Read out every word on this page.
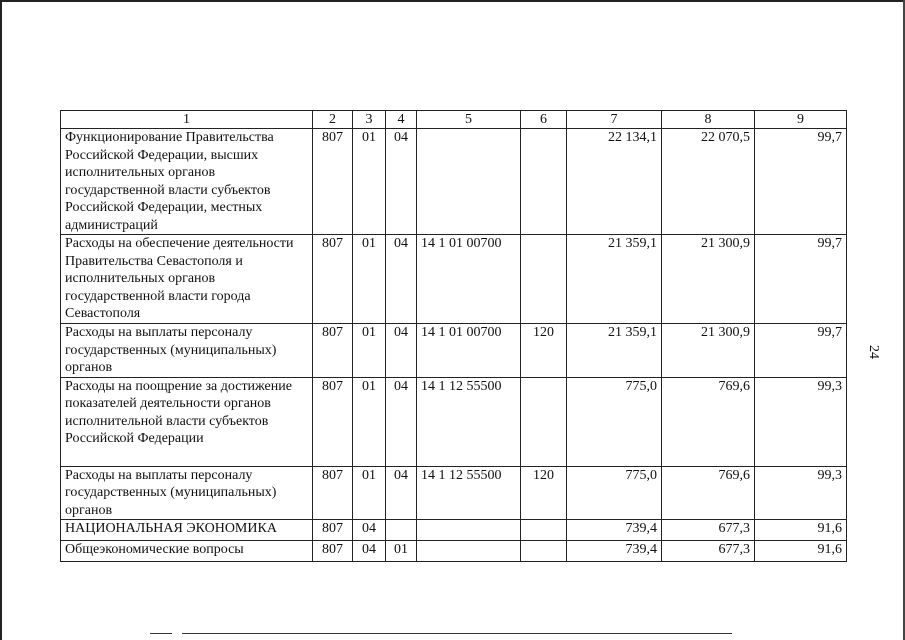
1	2	3	4	5	6	7	8	9
Функционирование Правительства Российской Федерации, высших исполнительных органов государственной власти субъектов Российской Федерации, местных администраций	807	01	04			22 134,1	22 070,5	99,7
Расходы на обеспечение деятельности Правительства Севастополя и исполнительных органов государственной власти города Севастополя	807	01	04	14 1 01 00700		21 359,1	21 300,9	99,7
Расходы на выплаты персоналу государственных (муниципальных) органов	807	01	04	14 1 01 00700	120	21 359,1	21 300,9	99,7
Расходы на поощрение за достижение показателей деятельности органов исполнительной власти субъектов Российской Федерации	807	01	04	14 1 12 55500		775,0	769,6	99,3
Расходы на выплаты персоналу государственных (муниципальных) органов	807	01	04	14 1 12 55500	120	775,0	769,6	99,3
НАЦИОНАЛЬНАЯ ЭКОНОМИКА	807	04				739,4	677,3	91,6
Общеэкономические вопросы	807	04	01			739,4	677,3	91,6
24
